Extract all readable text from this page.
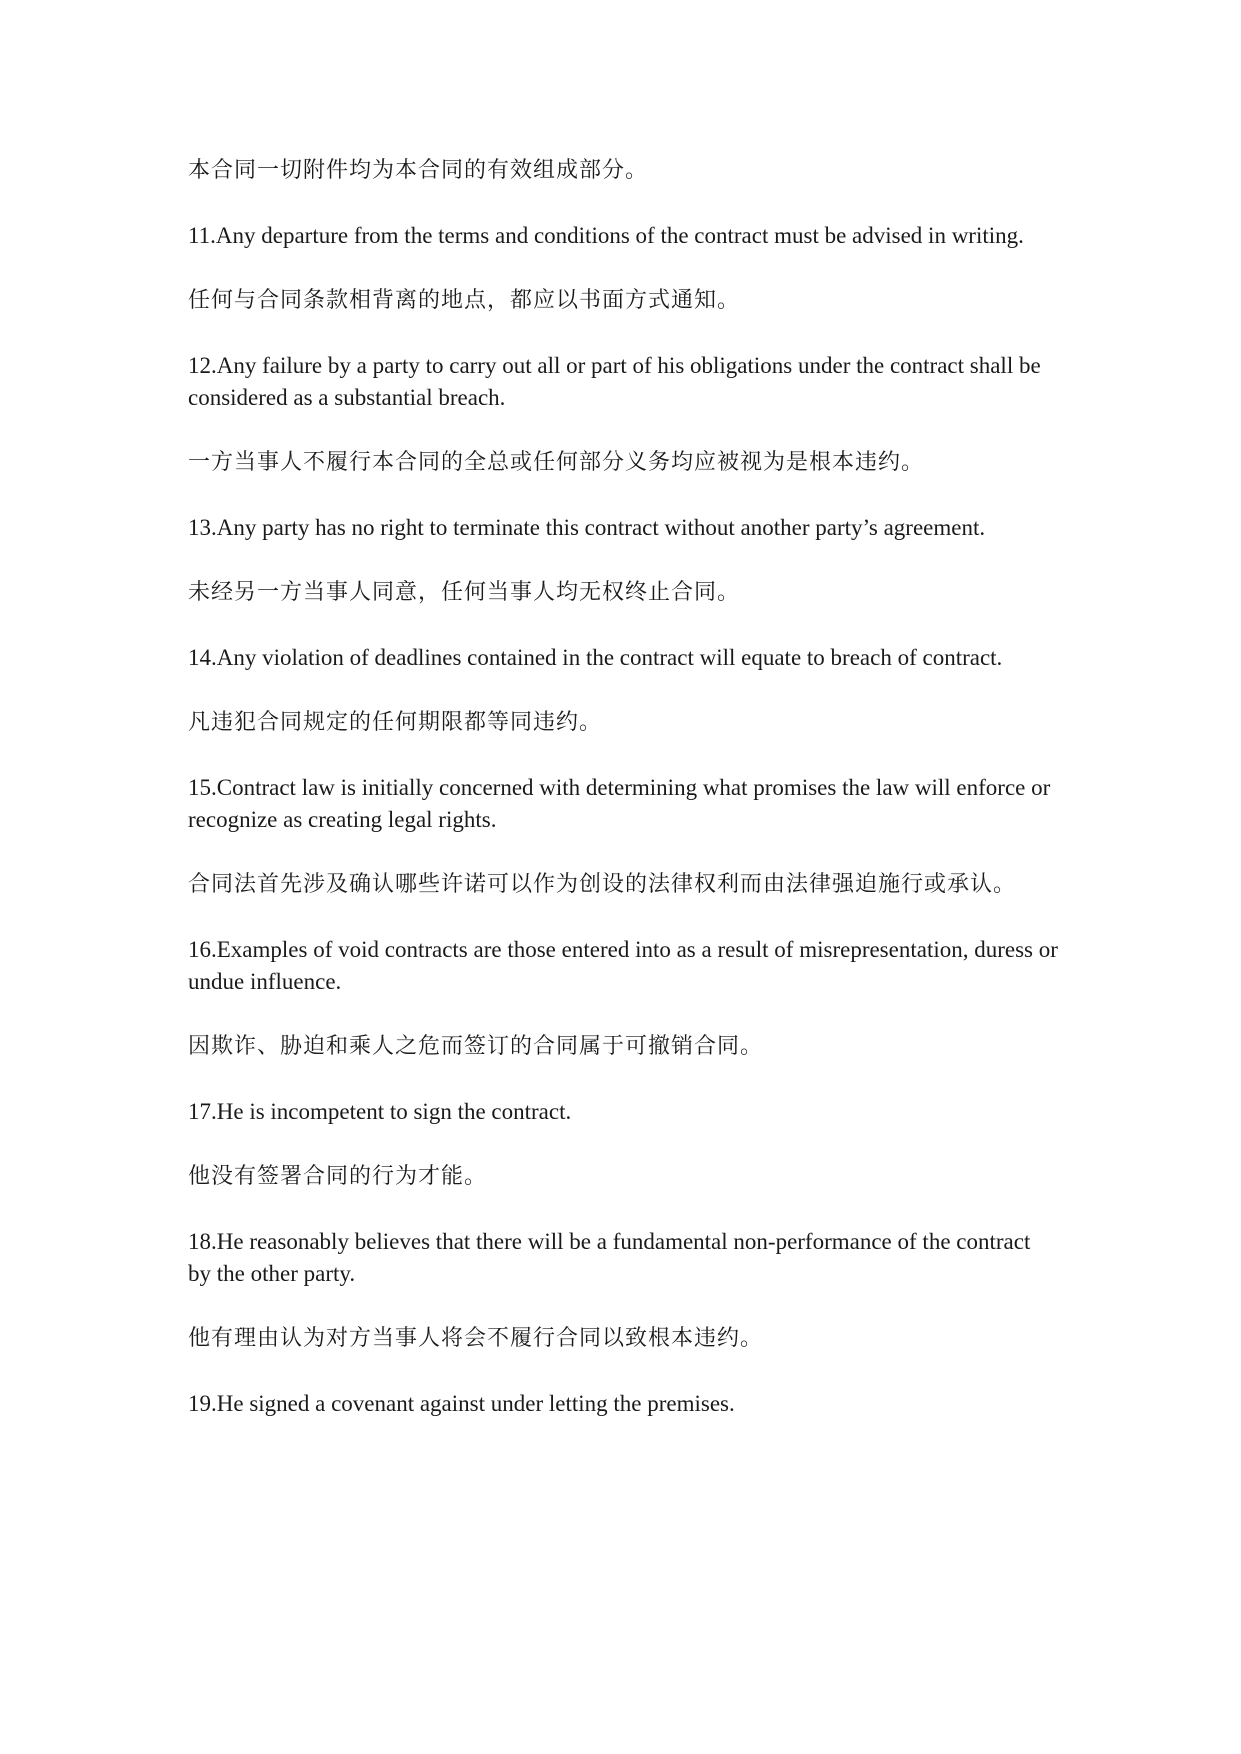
本合同一切附件均为本合同的有效组成部分。

11.Any departure from the terms and conditions of the contract must be advised in writing.

任何与合同条款相背离的地点，都应以书面方式通知。

12.Any failure by a party to carry out all or part of his obligations under the contract shall be considered as a substantial breach.

一方当事人不履行本合同的全总或任何部分义务均应被视为是根本违约。

13.Any party has no right to terminate this contract without another party’s agreement.

未经另一方当事人同意，任何当事人均无权终止合同。

14.Any violation of deadlines contained in the contract will equate to breach of contract.

凡违犯合同规定的任何期限都等同违约。

15.Contract law is initially concerned with determining what promises the law will enforce or recognize as creating legal rights.

合同法首先涉及确认哪些许诺可以作为创设的法律权利而由法律强迫施行或承认。

16.Examples of void contracts are those entered into as a result of misrepresentation, duress or undue influence.

因欺诈、胁迫和乘人之危而签订的合同属于可撤销合同。

17.He is incompetent to sign the contract.

他没有签署合同的行为才能。

18.He reasonably believes that there will be a fundamental non-performance of the contract by the other party.

他有理由认为对方当事人将会不履行合同以致根本违约。

19.He signed a covenant against under letting the premises.
